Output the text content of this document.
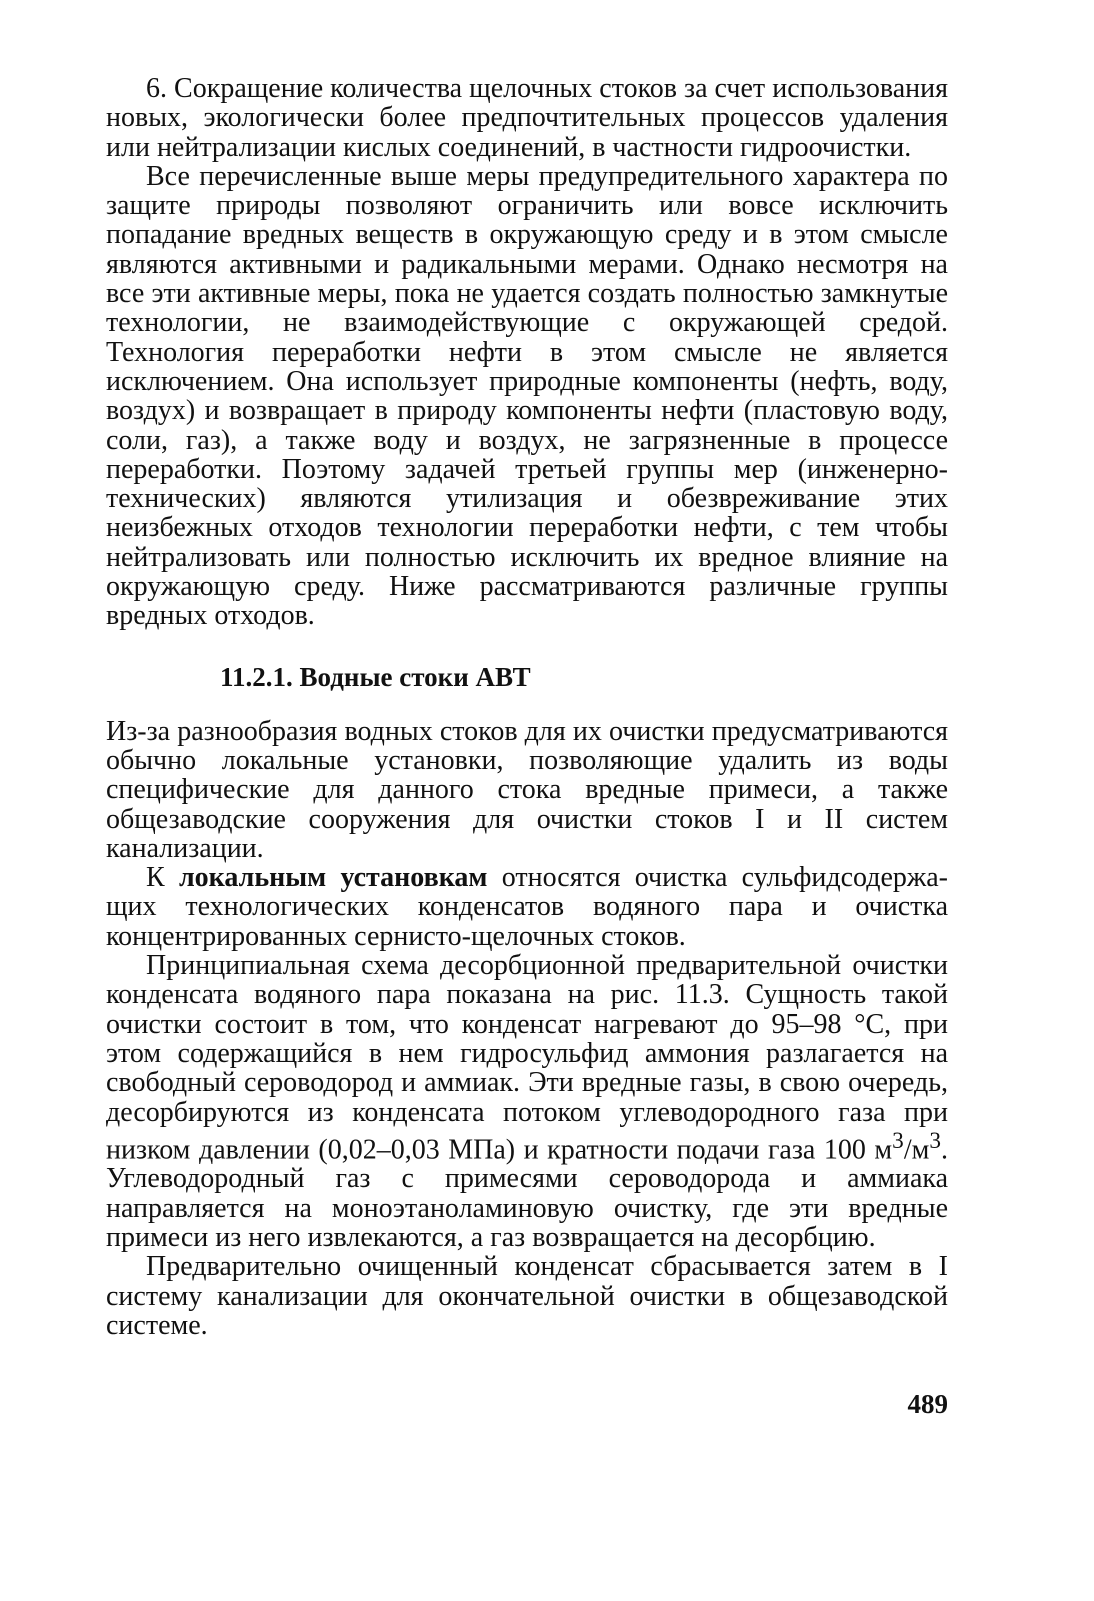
6. Сокращение количества щелочных стоков за счет использования новых, экологически более предпочтительных процессов удаления или нейтрализации кислых соединений, в частности гидроочистки.

Все перечисленные выше меры предупредительного характера по защите природы позволяют ограничить или вовсе исключить попадание вредных веществ в окружающую среду и в этом смысле являются активными и радикальными мерами. Однако несмотря на все эти активные меры, пока не удается создать полностью замкнутые технологии, не взаимодействующие с окружающей средой. Технология переработки нефти в этом смысле не является исключением. Она использует природные компоненты (нефть, воду, воздух) и возвращает в природу компоненты нефти (пластовую воду, соли, газ), а также воду и воздух, не загрязненные в процессе переработки. Поэтому задачей третьей группы мер (инженерно-технических) являются утилизация и обезвреживание этих неизбежных отходов технологии переработки нефти, с тем чтобы нейтрализовать или полностью исключить их вредное влияние на окружающую среду. Ниже рассматриваются различные группы вредных отходов.

11.2.1. Водные стоки АВТ

Из-за разнообразия водных стоков для их очистки предусматриваются обычно локальные установки, позволяющие удалить из воды специфические для данного стока вредные примеси, а также общезаводские сооружения для очистки стоков I и II систем канализации.

К локальным установкам относятся очистка сульфидсодержащих технологических конденсатов водяного пара и очистка концентрированных сернисто-щелочных стоков.

Принципиальная схема десорбционной предварительной очистки конденсата водяного пара показана на рис. 11.3. Сущность такой очистки состоит в том, что конденсат нагревают до 95–98 °С, при этом содержащийся в нем гидросульфид аммония разлагается на свободный сероводород и аммиак. Эти вредные газы, в свою очередь, десорбируются из конденсата потоком углеводородного газа при низком давлении (0,02–0,03 МПа) и кратности подачи газа 100 $м^3/м^3$. Углеводородный газ с примесями сероводорода и аммиака направляется на моноэтаноламиновую очистку, где эти вредные примеси из него извлекаются, а газ возвращается на десорбцию.

Предварительно очищенный конденсат сбрасывается затем в I систему канализации для окончательной очистки в общезаводской системе.

489
